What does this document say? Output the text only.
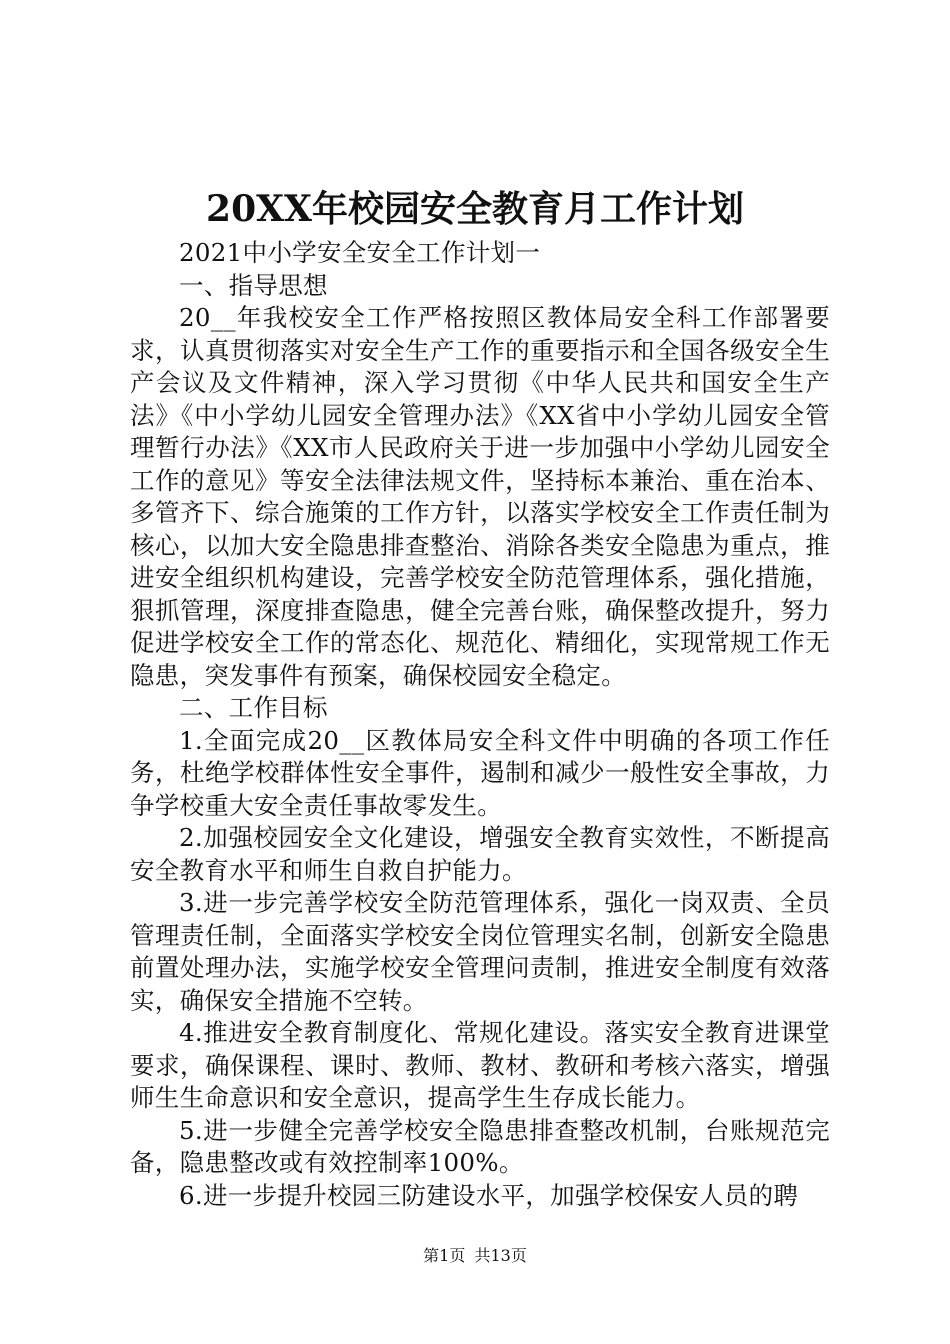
20XX年校园安全教育月工作计划

2021中小学安全安全工作计划一

一、指导思想

20__年我校安全工作严格按照区教体局安全科工作部署要求，认真贯彻落实对安全生产工作的重要指示和全国各级安全生产会议及文件精神，深入学习贯彻《中华人民共和国安全生产法》《中小学幼儿园安全管理办法》《XX省中小学幼儿园安全管理暂行办法》《XX市人民政府关于进一步加强中小学幼儿园安全工作的意见》等安全法律法规文件，坚持标本兼治、重在治本、多管齐下、综合施策的工作方针，以落实学校安全工作责任制为核心，以加大安全隐患排查整治、消除各类安全隐患为重点，推进安全组织机构建设，完善学校安全防范管理体系，强化措施，狠抓管理，深度排查隐患，健全完善台账，确保整改提升，努力促进学校安全工作的常态化、规范化、精细化，实现常规工作无隐患，突发事件有预案，确保校园安全稳定。

二、工作目标

1.全面完成20__区教体局安全科文件中明确的各项工作任务，杜绝学校群体性安全事件，遏制和减少一般性安全事故，力争学校重大安全责任事故零发生。

2.加强校园安全文化建设，增强安全教育实效性，不断提高安全教育水平和师生自救自护能力。

3.进一步完善学校安全防范管理体系，强化一岗双责、全员管理责任制，全面落实学校安全岗位管理实名制，创新安全隐患前置处理办法，实施学校安全管理问责制，推进安全制度有效落实，确保安全措施不空转。

4.推进安全教育制度化、常规化建设。落实安全教育进课堂要求，确保课程、课时、教师、教材、教研和考核六落实，增强师生生命意识和安全意识，提高学生生存成长能力。

5.进一步健全完善学校安全隐患排查整改机制，台账规范完备，隐患整改或有效控制率100%。

6.进一步提升校园三防建设水平，加强学校保安人员的聘

第1页 共13页
